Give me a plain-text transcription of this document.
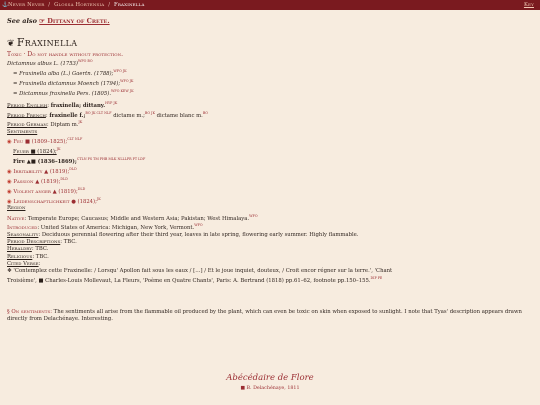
⚓ Never Never / Glossa Hortensia / Fraxinella	Key
See also ☞ Dittany of Crete.
❦ Fraxinella
Toxic · Do not handle without protection.
Dictamnus albus L. $(1753)^{WFO BO}$
= Fraxinella alba (L.) Gaertn. (1788);$^{WFO JK}$
= Fraxinella dictamnus Moench (1794);$^{WFO JK}$
= Dictamnus fraxinella Pers. (1805).$^{WFO KEW JK}$
Period English: fraxinella; dittany.$^{HYP JK}$
Period French: fraxinelle f.;$^{BO JK CLT NLF}$ dictame m.;$^{BO JK}$ dictame blanc m.$^{BO}$
Period German: Diptam m.$^{JK}$
Sentiments
◉ Feu ■ (1809–1825);$^{CLT NLF}$
Feuer ■ (1824);$^{JK}$
Fire ▲■ (1836–1869);$^{CTLN PS TM PHB MLK NLLLPR PT LDF}$
◉ Irritability ▲ (1819);$^{DLD}$
◉ Passion ▲ (1819);$^{DLD}$
◉ Violent anger ▲ (1819);$^{DLD}$
◉ Leidenschaftlichkeit ● (1824);$^{JK}$
Region
Native: Temperate Europe; Caucasus; Middle and Western Asia; Pakistan; West Himalaya.$^{WFO}$
Introduced: United States of America: Michigan, New York, Vermont.$^{WFO}$
Seasonality: Deciduous perennial flowering after their third year, leaves in late spring, flowering early summer. Highly flammable.
Period Descriptions: TBC.
Heraldry: TBC.
Religious: TBC.
Cited Verse:
❖ 'Contemplez cette Fraxinelle: / Lorsqu' Apollon fait sous les eaux / […] / Et le joue inquiet, douteux, / Croit encor régner sur la terre.', 'Chant
Troisième', ■ Charles-Louis Mollevaut, La Fleurs, 'Poème en Quatre Chants', Paris: A. Bertrand (1818) pp.61–62, footnote pp.150–155.$^{DIP PE}$
§ On sentiments: The sentiments all arise from the flammable oil produced by the plant, which can even be toxic on skin when exposed to sunlight. I note that Tyas' description appears drawn directly from Delachénaye. Interesting.
Abécédaire de Flore
■ B. Delachénaye, 1811
